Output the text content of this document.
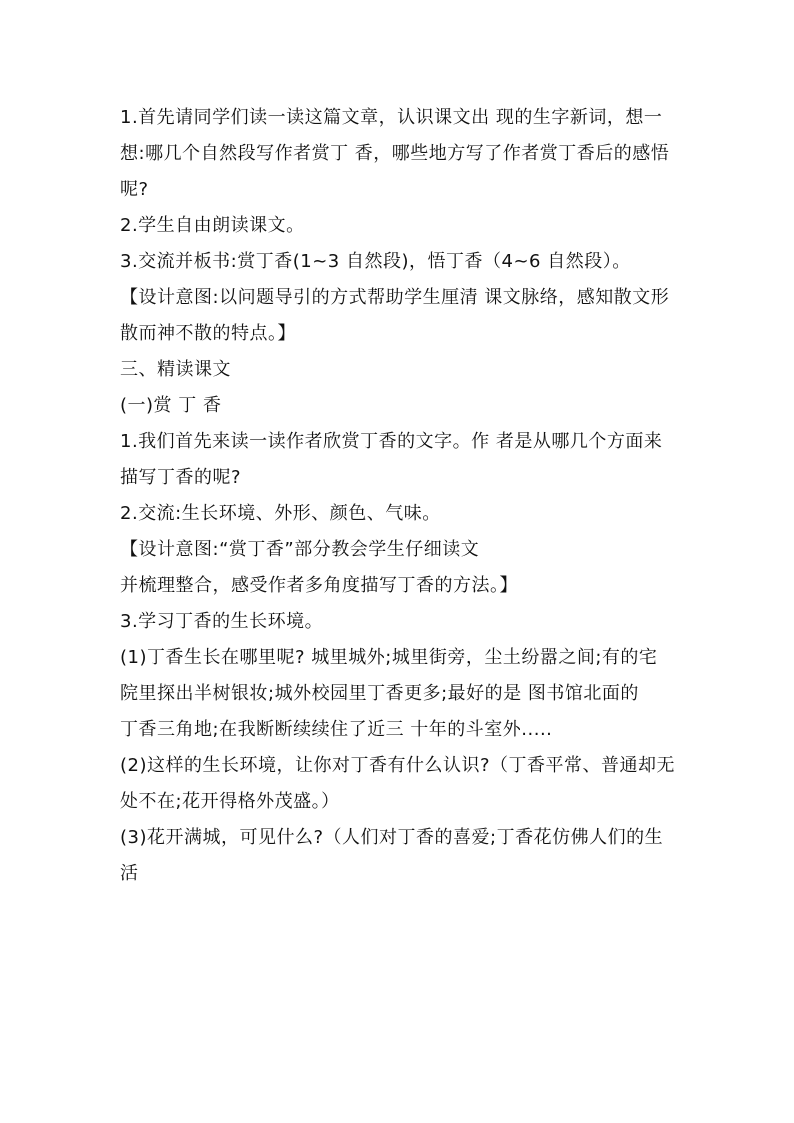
1.首先请同学们读一读这篇文章，认识课文出 现的生字新词，想一
想:哪几个自然段写作者赏丁 香，哪些地方写了作者赏丁香后的感悟
呢?
2.学生自由朗读课文。
3.交流并板书:赏丁香(1~3 自然段)，悟丁香（4~6 自然段）。
【设计意图:以问题导引的方式帮助学生厘清 课文脉络，感知散文形
散而神不散的特点。】
三、精读课文
(一)赏 丁 香
1.我们首先来读一读作者欣赏丁香的文字。作 者是从哪几个方面来
描写丁香的呢?
2.交流:生长环境、外形、颜色、气味。
【设计意图:“赏丁香”部分教会学生仔细读文
并梳理整合，感受作者多角度描写丁香的方法。】
3.学习丁香的生长环境。
(1)丁香生长在哪里呢? 城里城外;城里街旁，尘土纷嚣之间;有的宅
院里探出半树银妆;城外校园里丁香更多;最好的是 图书馆北面的
丁香三角地;在我断断续续住了近三 十年的斗室外.....
(2)这样的生长环境，让你对丁香有什么认识?（丁香平常、普通却无
处不在;花开得格外茂盛。）
(3)花开满城，可见什么?（人们对丁香的喜爱;丁香花仿佛人们的生
活
